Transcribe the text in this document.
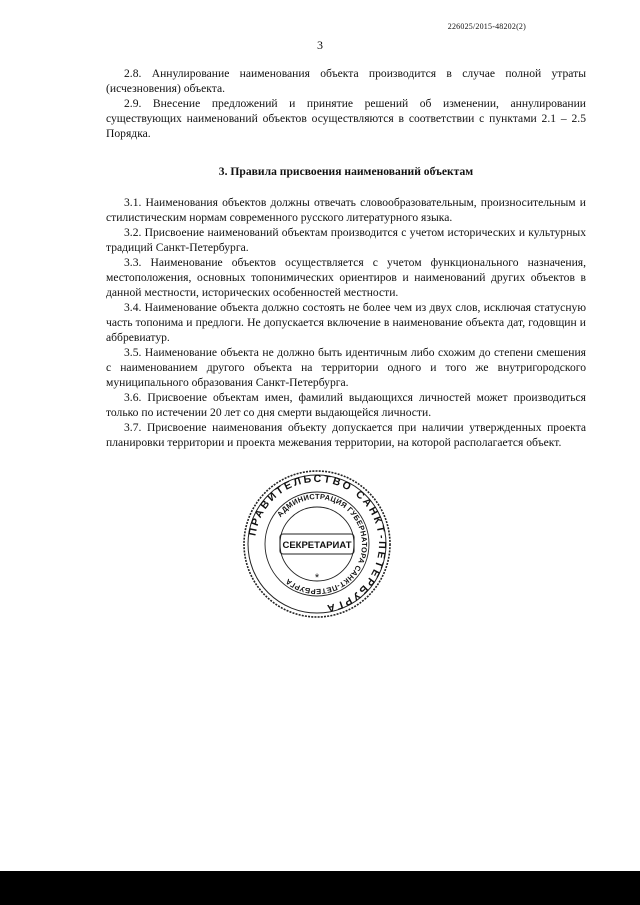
226025/2015-48202(2)
3

2.8. Аннулирование наименования объекта производится в случае полной утраты (исчезновения) объекта.

2.9. Внесение предложений и принятие решений об изменении, аннулировании существующих наименований объектов осуществляются в соответствии с пунктами 2.1 – 2.5 Порядка.

3. Правила присвоения наименований объектам

3.1. Наименования объектов должны отвечать словообразовательным, произносительным и стилистическим нормам современного русского литературного языка.

3.2. Присвоение наименований объектам производится с учетом исторических и культурных традиций Санкт-Петербурга.

3.3. Наименование объектов осуществляется с учетом функционального назначения, местоположения, основных топонимических ориентиров и наименований других объектов в данной местности, исторических особенностей местности.

3.4. Наименование объекта должно состоять не более чем из двух слов, исключая статусную часть топонима и предлоги. Не допускается включение в наименование объекта дат, годовщин и аббревиатур.

3.5. Наименование объекта не должно быть идентичным либо схожим до степени смешения с наименованием другого объекта на территории одного и того же внутригородского муниципального образования Санкт-Петербурга.

3.6. Присвоение объектам имен, фамилий выдающихся личностей может производиться только по истечении 20 лет со дня смерти выдающейся личности.

3.7. Присвоение наименования объекту допускается при наличии утвержденных проекта планировки территории и проекта межевания территории, на которой располагается объект.

ПРАВИТЕЛЬСТВО САНКТ-ПЕТЕРБУРГА
АДМИНИСТРАЦИЯ ГУБЕРНАТОРА САНКТ-ПЕТЕРБУРГА
СЕКРЕТАРИАТ
*
